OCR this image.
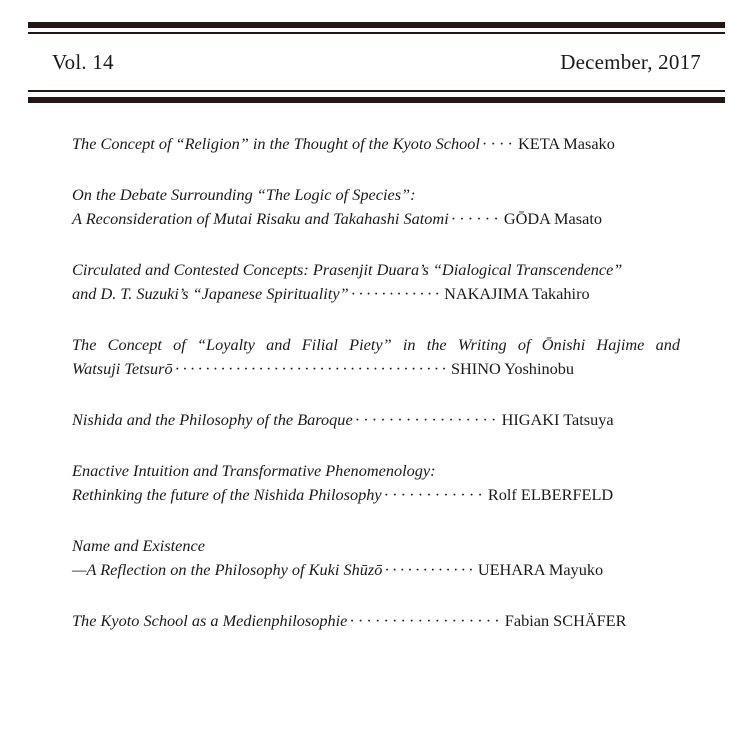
Vol. 14	December, 2017
The Concept of “Religion” in the Thought of the Kyoto School ···· KETA Masako
On the Debate Surrounding “The Logic of Species”:
A Reconsideration of Mutai Risaku and Takahashi Satomi ······ GŌDA Masato
Circulated and Contested Concepts: Prasenjit Duara’s “Dialogical Transcendence”
and D. T. Suzuki’s “Japanese Spirituality” ············ NAKAJIMA Takahiro
The Concept of “Loyalty and Filial Piety” in the Writing of Ōnishi Hajime and
Watsuji Tetsurō ···································· SHINO Yoshinobu
Nishida and the Philosophy of the Baroque ················· HIGAKI Tatsuya
Enactive Intuition and Transformative Phenomenology:
Rethinking the future of the Nishida Philosophy ············ Rolf ELBERFELD
Name and Existence
—A Reflection on the Philosophy of Kuki Shūzō ············ UEHARA Mayuko
The Kyoto School as a Medienphilosophie ·················· Fabian SCHÄFER
